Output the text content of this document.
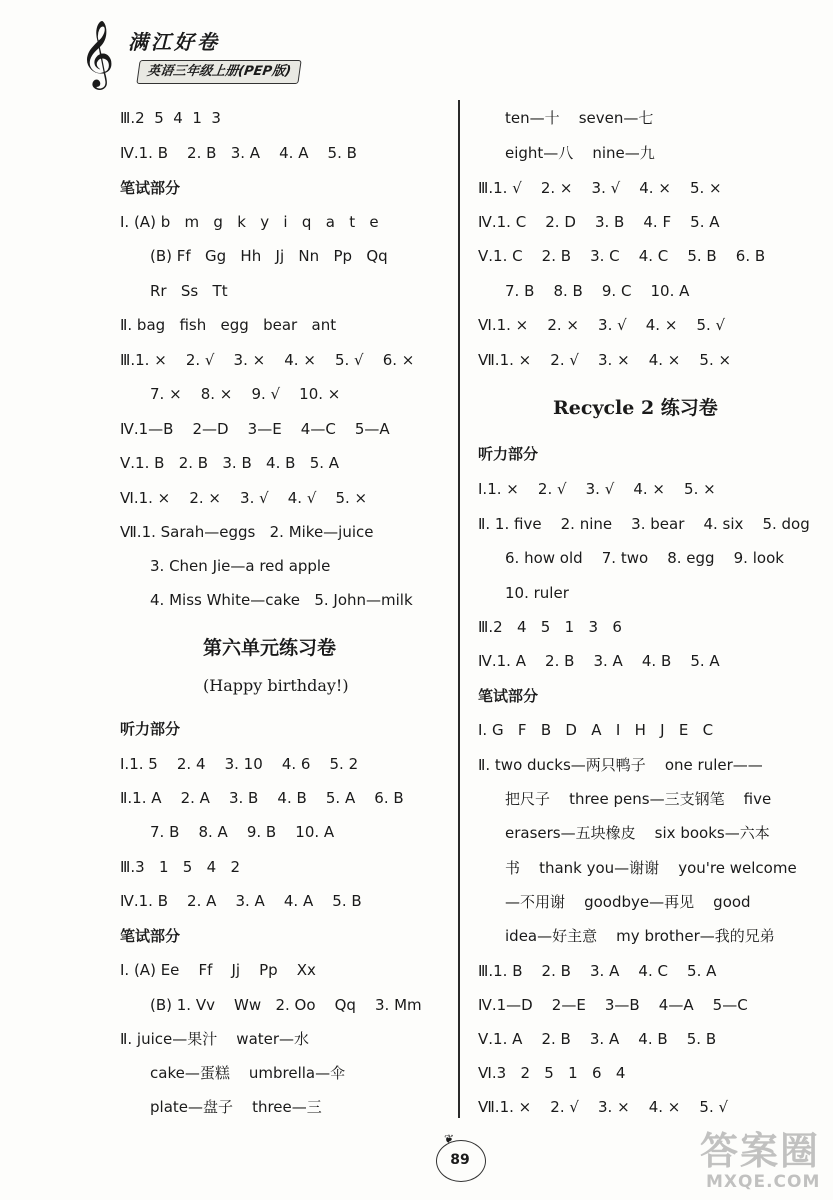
𝄞 满江好卷
英语三年级上册(PEP版)
Ⅲ.2  5  4  1  3
Ⅳ.1. B    2. B   3. A    4. A    5. B
笔试部分
Ⅰ. (A) b   m   g   k   y   i   q   a   t   e
(B) Ff   Gg   Hh   Jj   Nn   Pp   Qq
Rr   Ss   Tt
Ⅱ. bag   fish   egg   bear   ant
Ⅲ.1. ×    2. √    3. ×    4. ×    5. √    6. ×
7. ×    8. ×    9. √    10. ×
Ⅳ.1—B    2—D    3—E    4—C    5—A
Ⅴ.1. B   2. B   3. B   4. B   5. A
Ⅵ.1. ×    2. ×    3. √    4. √    5. ×
Ⅶ.1. Sarah—eggs   2. Mike—juice
3. Chen Jie—a red apple
4. Miss White—cake   5. John—milk
第六单元练习卷
(Happy birthday!)
听力部分
Ⅰ.1. 5    2. 4    3. 10    4. 6    5. 2
Ⅱ.1. A    2. A    3. B    4. B    5. A    6. B
7. B    8. A    9. B    10. A
Ⅲ.3   1   5   4   2
Ⅳ.1. B    2. A    3. A    4. A    5. B
笔试部分
Ⅰ. (A) Ee    Ff    Jj    Pp    Xx
(B) 1. Vv    Ww   2. Oo    Qq    3. Mm
Ⅱ. juice—果汁    water—水
cake—蛋糕    umbrella—伞
plate—盘子    three—三
ten—十    seven—七
eight—八    nine—九
Ⅲ.1. √    2. ×    3. √    4. ×    5. ×
Ⅳ.1. C    2. D    3. B    4. F    5. A
Ⅴ.1. C    2. B    3. C    4. C    5. B    6. B
7. B    8. B    9. C    10. A
Ⅵ.1. ×    2. ×    3. √    4. ×    5. √
Ⅶ.1. ×    2. √    3. ×    4. ×    5. ×
Recycle 2 练习卷
听力部分
Ⅰ.1. ×    2. √    3. √    4. ×    5. ×
Ⅱ. 1. five    2. nine    3. bear    4. six    5. dog
6. how old    7. two    8. egg    9. look
10. ruler
Ⅲ.2   4   5   1   3   6
Ⅳ.1. A    2. B    3. A    4. B    5. A
笔试部分
Ⅰ. G   F   B   D   A   I   H   J   E   C
Ⅱ. two ducks—两只鸭子    one ruler——
把尺子    three pens—三支钢笔    five
erasers—五块橡皮    six books—六本
书    thank you—谢谢    you're welcome
—不用谢    goodbye—再见    good
idea—好主意    my brother—我的兄弟
Ⅲ.1. B    2. B    3. A    4. C    5. A
Ⅳ.1—D    2—E    3—B    4—A    5—C
Ⅴ.1. A    2. B    3. A    4. B    5. B
Ⅵ.3   2   5   1   6   4
Ⅶ.1. ×    2. √    3. ×    4. ×    5. √
❦
89	答案圈
MXQE.COM
